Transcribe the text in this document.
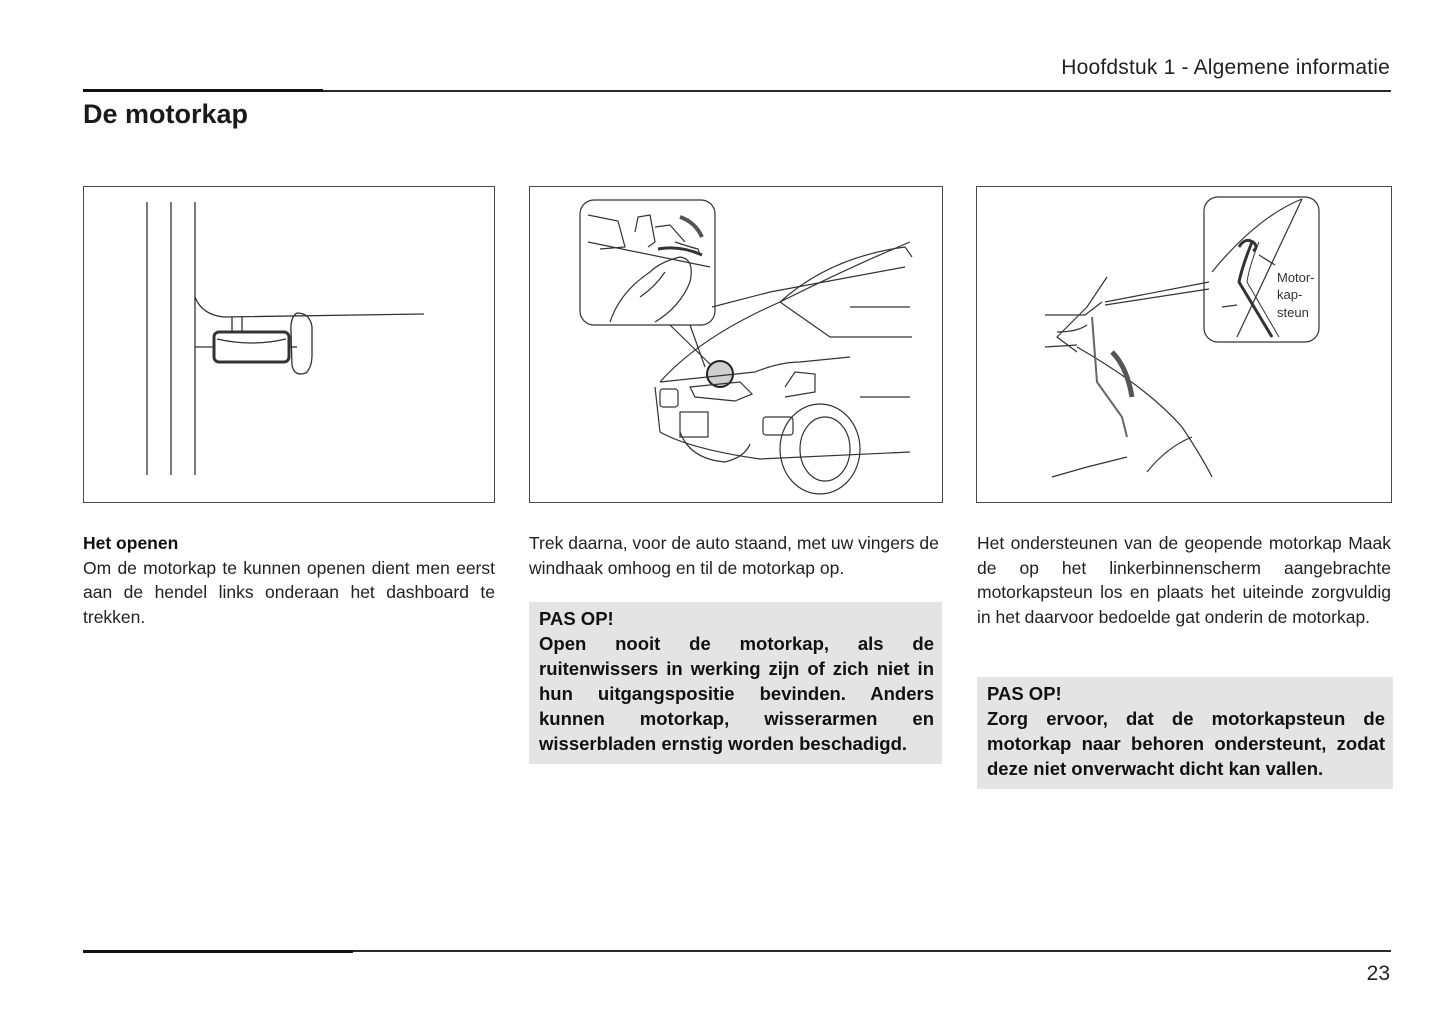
Hoofdstuk 1 - Algemene informatie
De motorkap
Motor-
kap-
steun
Het openen
Om de motorkap te kunnen openen dient men eerst aan de hendel links onderaan het dashboard te trekken.
Trek daarna, voor de auto staand, met uw vingers de windhaak omhoog en til de motorkap op.
PAS OP!
Open nooit de motorkap, als de ruitenwissers in werking zijn of zich niet in hun uitgangspositie bevinden. Anders kunnen motorkap, wisserarmen en wisserbladen ernstig worden beschadigd.
Het ondersteunen van de geopende motorkap Maak de op het linkerbinnenscherm aangebrachte motorkapsteun los en plaats het uiteinde zorgvuldig in het daarvoor bedoelde gat onderin de motorkap.
PAS OP!
Zorg ervoor, dat de motorkapsteun de motorkap naar behoren ondersteunt, zodat deze niet onverwacht dicht kan vallen.
23
